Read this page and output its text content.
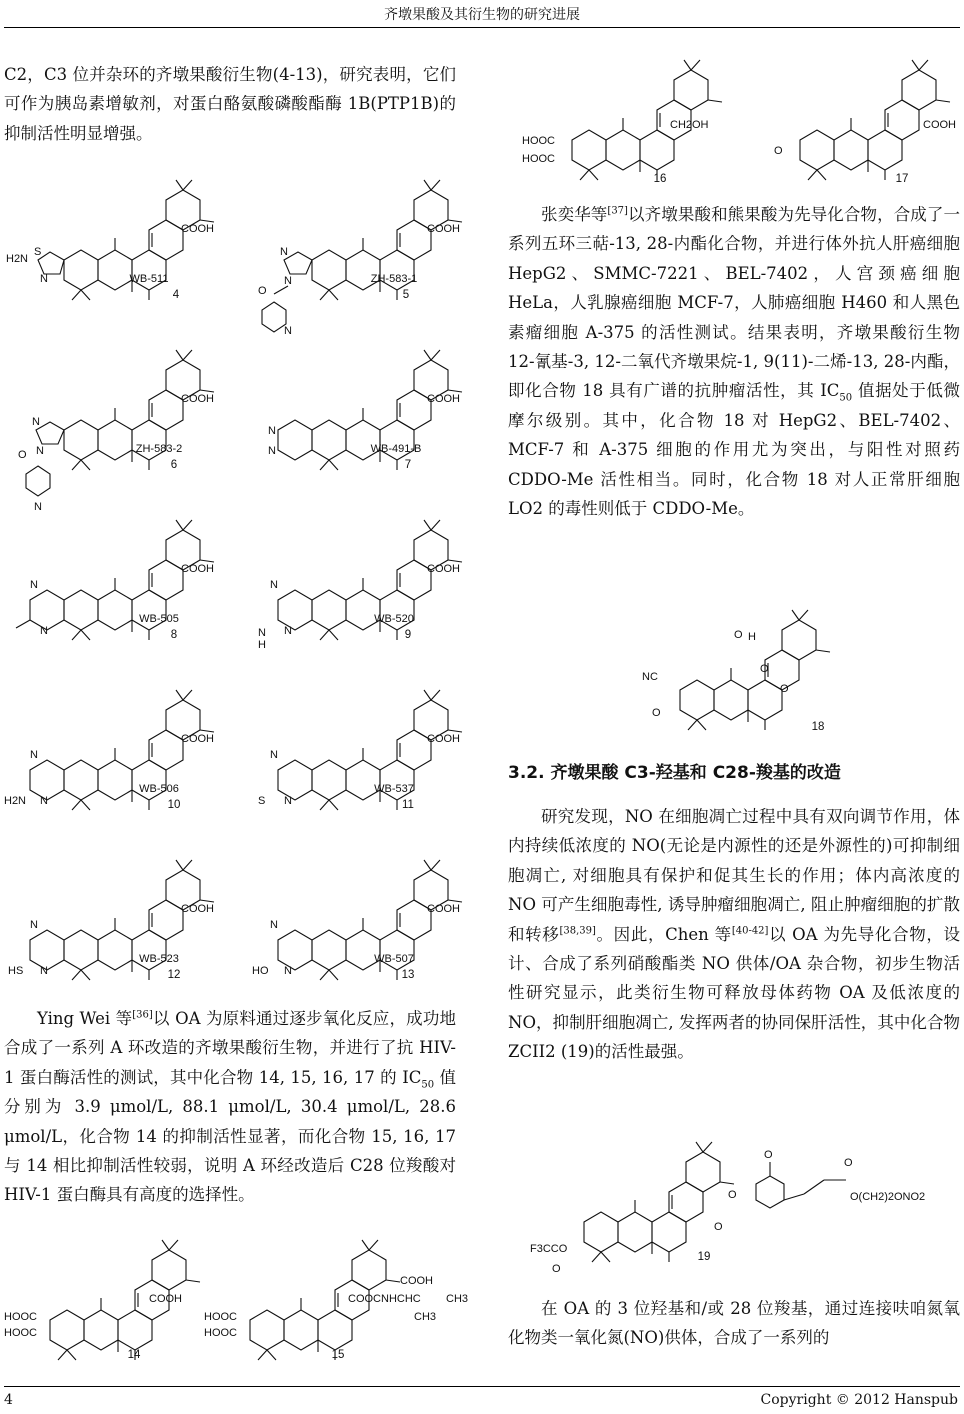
齐墩果酸及其衍生物的研究进展

C2，C3 位并杂环的齐墩果酸衍生物(4-13)，研究表明，它们可作为胰岛素增敏剂，对蛋白酪氨酸磷酸酯酶 1B(PTP1B)的抑制活性明显增强。

Ying Wei 等[36]以 OA 为原料通过逐步氧化反应，成功地合成了一系列 A 环改造的齐墩果酸衍生物，并进行了抗 HIV-1 蛋白酶活性的测试，其中化合物 14, 15, 16, 17 的 $IC_{50}$ 值分别为 3.9 μmol/L, 88.1 μmol/L, 30.4 μmol/L, 28.6 μmol/L，化合物 14 的抑制活性显著，而化合物 15, 16, 17 与 14 相比抑制活性较弱，说明 A 环经改造后 C28 位羧酸对 HIV-1 蛋白酶具有高度的选择性。

张奕华等[37]以齐墩果酸和熊果酸为先导化合物，合成了一系列五环三萜-13, 28-内酯化合物，并进行体外抗人肝癌细胞 HepG2、SMMC-7221、BEL-7402，人宫颈癌细胞 HeLa，人乳腺癌细胞 MCF-7，人肺癌细胞 H460 和人黑色素瘤细胞 A-375 的活性测试。结果表明，齐墩果酸衍生物 12-氰基-3, 12-二氧代齐墩果烷-1, 9(11)-二烯-13, 28-内酯，即化合物 18 具有广谱的抗肿瘤活性，其 $IC_{50}$ 值据处于低微摩尔级别。其中，化合物 18 对 HepG2、BEL-7402、MCF-7 和 A-375 细胞的作用尤为突出，与阳性对照药 CDDO-Me 活性相当。同时，化合物 18 对人正常肝细胞 LO2 的毒性则低于 CDDO-Me。

3.2. 齐墩果酸 C3-羟基和 C28-羧基的改造

研究发现，NO 在细胞凋亡过程中具有双向调节作用，体内持续低浓度的 NO(无论是内源性的还是外源性的)可抑制细胞凋亡, 对细胞具有保护和促其生长的作用；体内高浓度的 NO 可产生细胞毒性, 诱导肿瘤细胞凋亡, 阻止肿瘤细胞的扩散和转移[38,39]。因此，Chen 等[40-42]以 OA 为先导化合物，设计、合成了系列硝酸酯类 NO 供体/OA 杂合物，初步生物活性研究显示，此类衍生物可释放母体药物 OA 及低浓度的 NO，抑制肝细胞凋亡, 发挥两者的协同保肝活性，其中化合物 ZCII2 (19)的活性最强。

在 OA 的 3 位羟基和/或 28 位羧基，通过连接呋咱氮氧化物类一氧化氮(NO)供体，合成了一系列的

S
N
H2N
COOH
WB-511
4
N
N
O
N
COOH
ZH-583-1
5
N
N
O
N
COOH
ZH-583-2
6
N
N
COOH
WB-491-B
7
N
N
COOH
WB-505
8
N
N
N
H
COOH
WB-520
9
N
N
H2N
COOH
WB-506
10
N
N
S
COOH
WB-537
11
N
N
HS
COOH
WB-523
12
N
N
HO
COOH
WB-507
13
HOOC
HOOC
COOH
14
HOOC
HOOC
COOCNHCHC
COOH
CH3
CH3
15
HOOC
HOOC
CH2OH
16
O
COOH
17
O H
NC
O
O
O
18
O
O
O
O
O(CH2)2ONO2
F3CCO
O
19
4	Copyright © 2012 Hanspub
